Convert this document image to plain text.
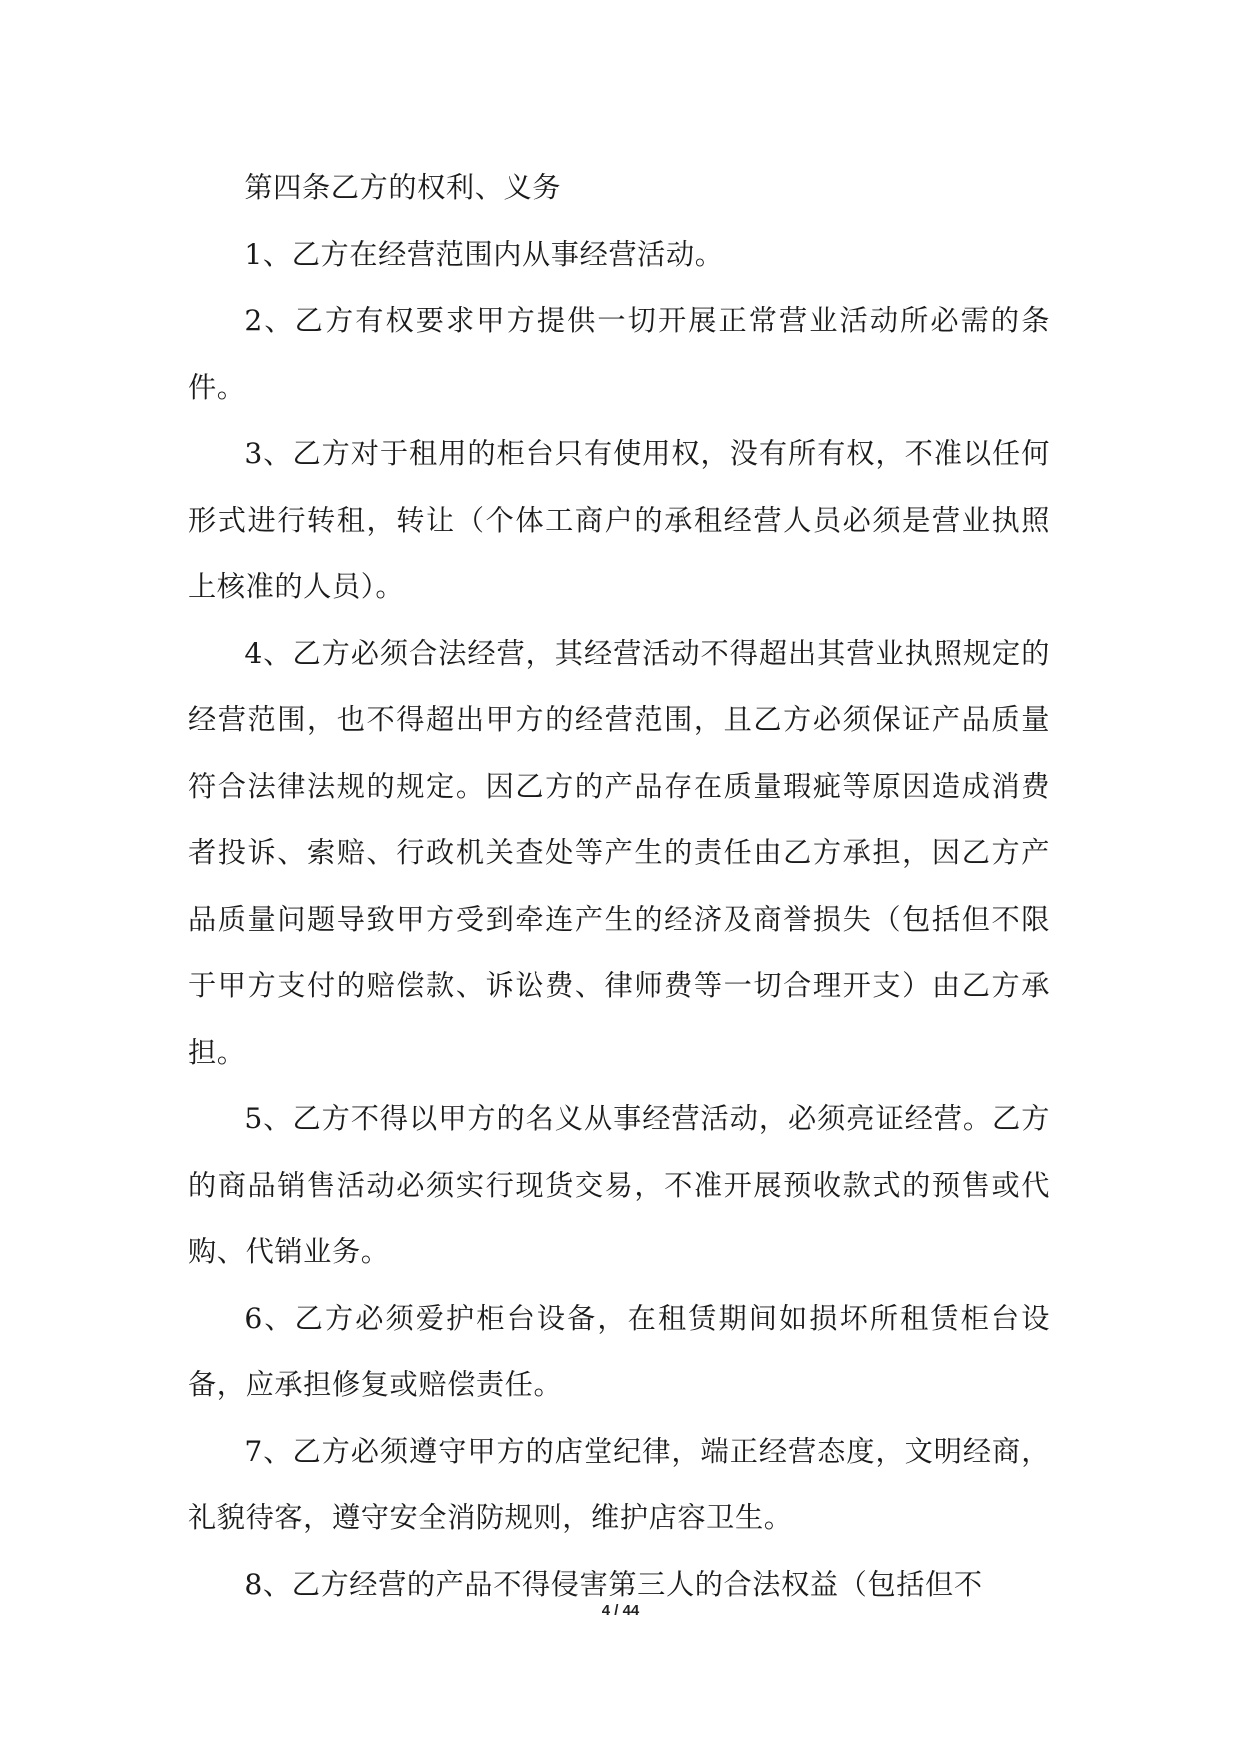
第四条乙方的权利、义务

1、乙方在经营范围内从事经营活动。

2、乙方有权要求甲方提供一切开展正常营业活动所必需的条件。

3、乙方对于租用的柜台只有使用权，没有所有权，不准以任何形式进行转租，转让（个体工商户的承租经营人员必须是营业执照上核准的人员）。

4、乙方必须合法经营，其经营活动不得超出其营业执照规定的经营范围，也不得超出甲方的经营范围，且乙方必须保证产品质量符合法律法规的规定。因乙方的产品存在质量瑕疵等原因造成消费者投诉、索赔、行政机关查处等产生的责任由乙方承担，因乙方产品质量问题导致甲方受到牵连产生的经济及商誉损失（包括但不限于甲方支付的赔偿款、诉讼费、律师费等一切合理开支）由乙方承担。

5、乙方不得以甲方的名义从事经营活动，必须亮证经营。乙方的商品销售活动必须实行现货交易，不准开展预收款式的预售或代购、代销业务。

6、乙方必须爱护柜台设备，在租赁期间如损坏所租赁柜台设备，应承担修复或赔偿责任。

7、乙方必须遵守甲方的店堂纪律，端正经营态度，文明经商，礼貌待客，遵守安全消防规则，维护店容卫生。

8、乙方经营的产品不得侵害第三人的合法权益（包括但不

4 / 44
